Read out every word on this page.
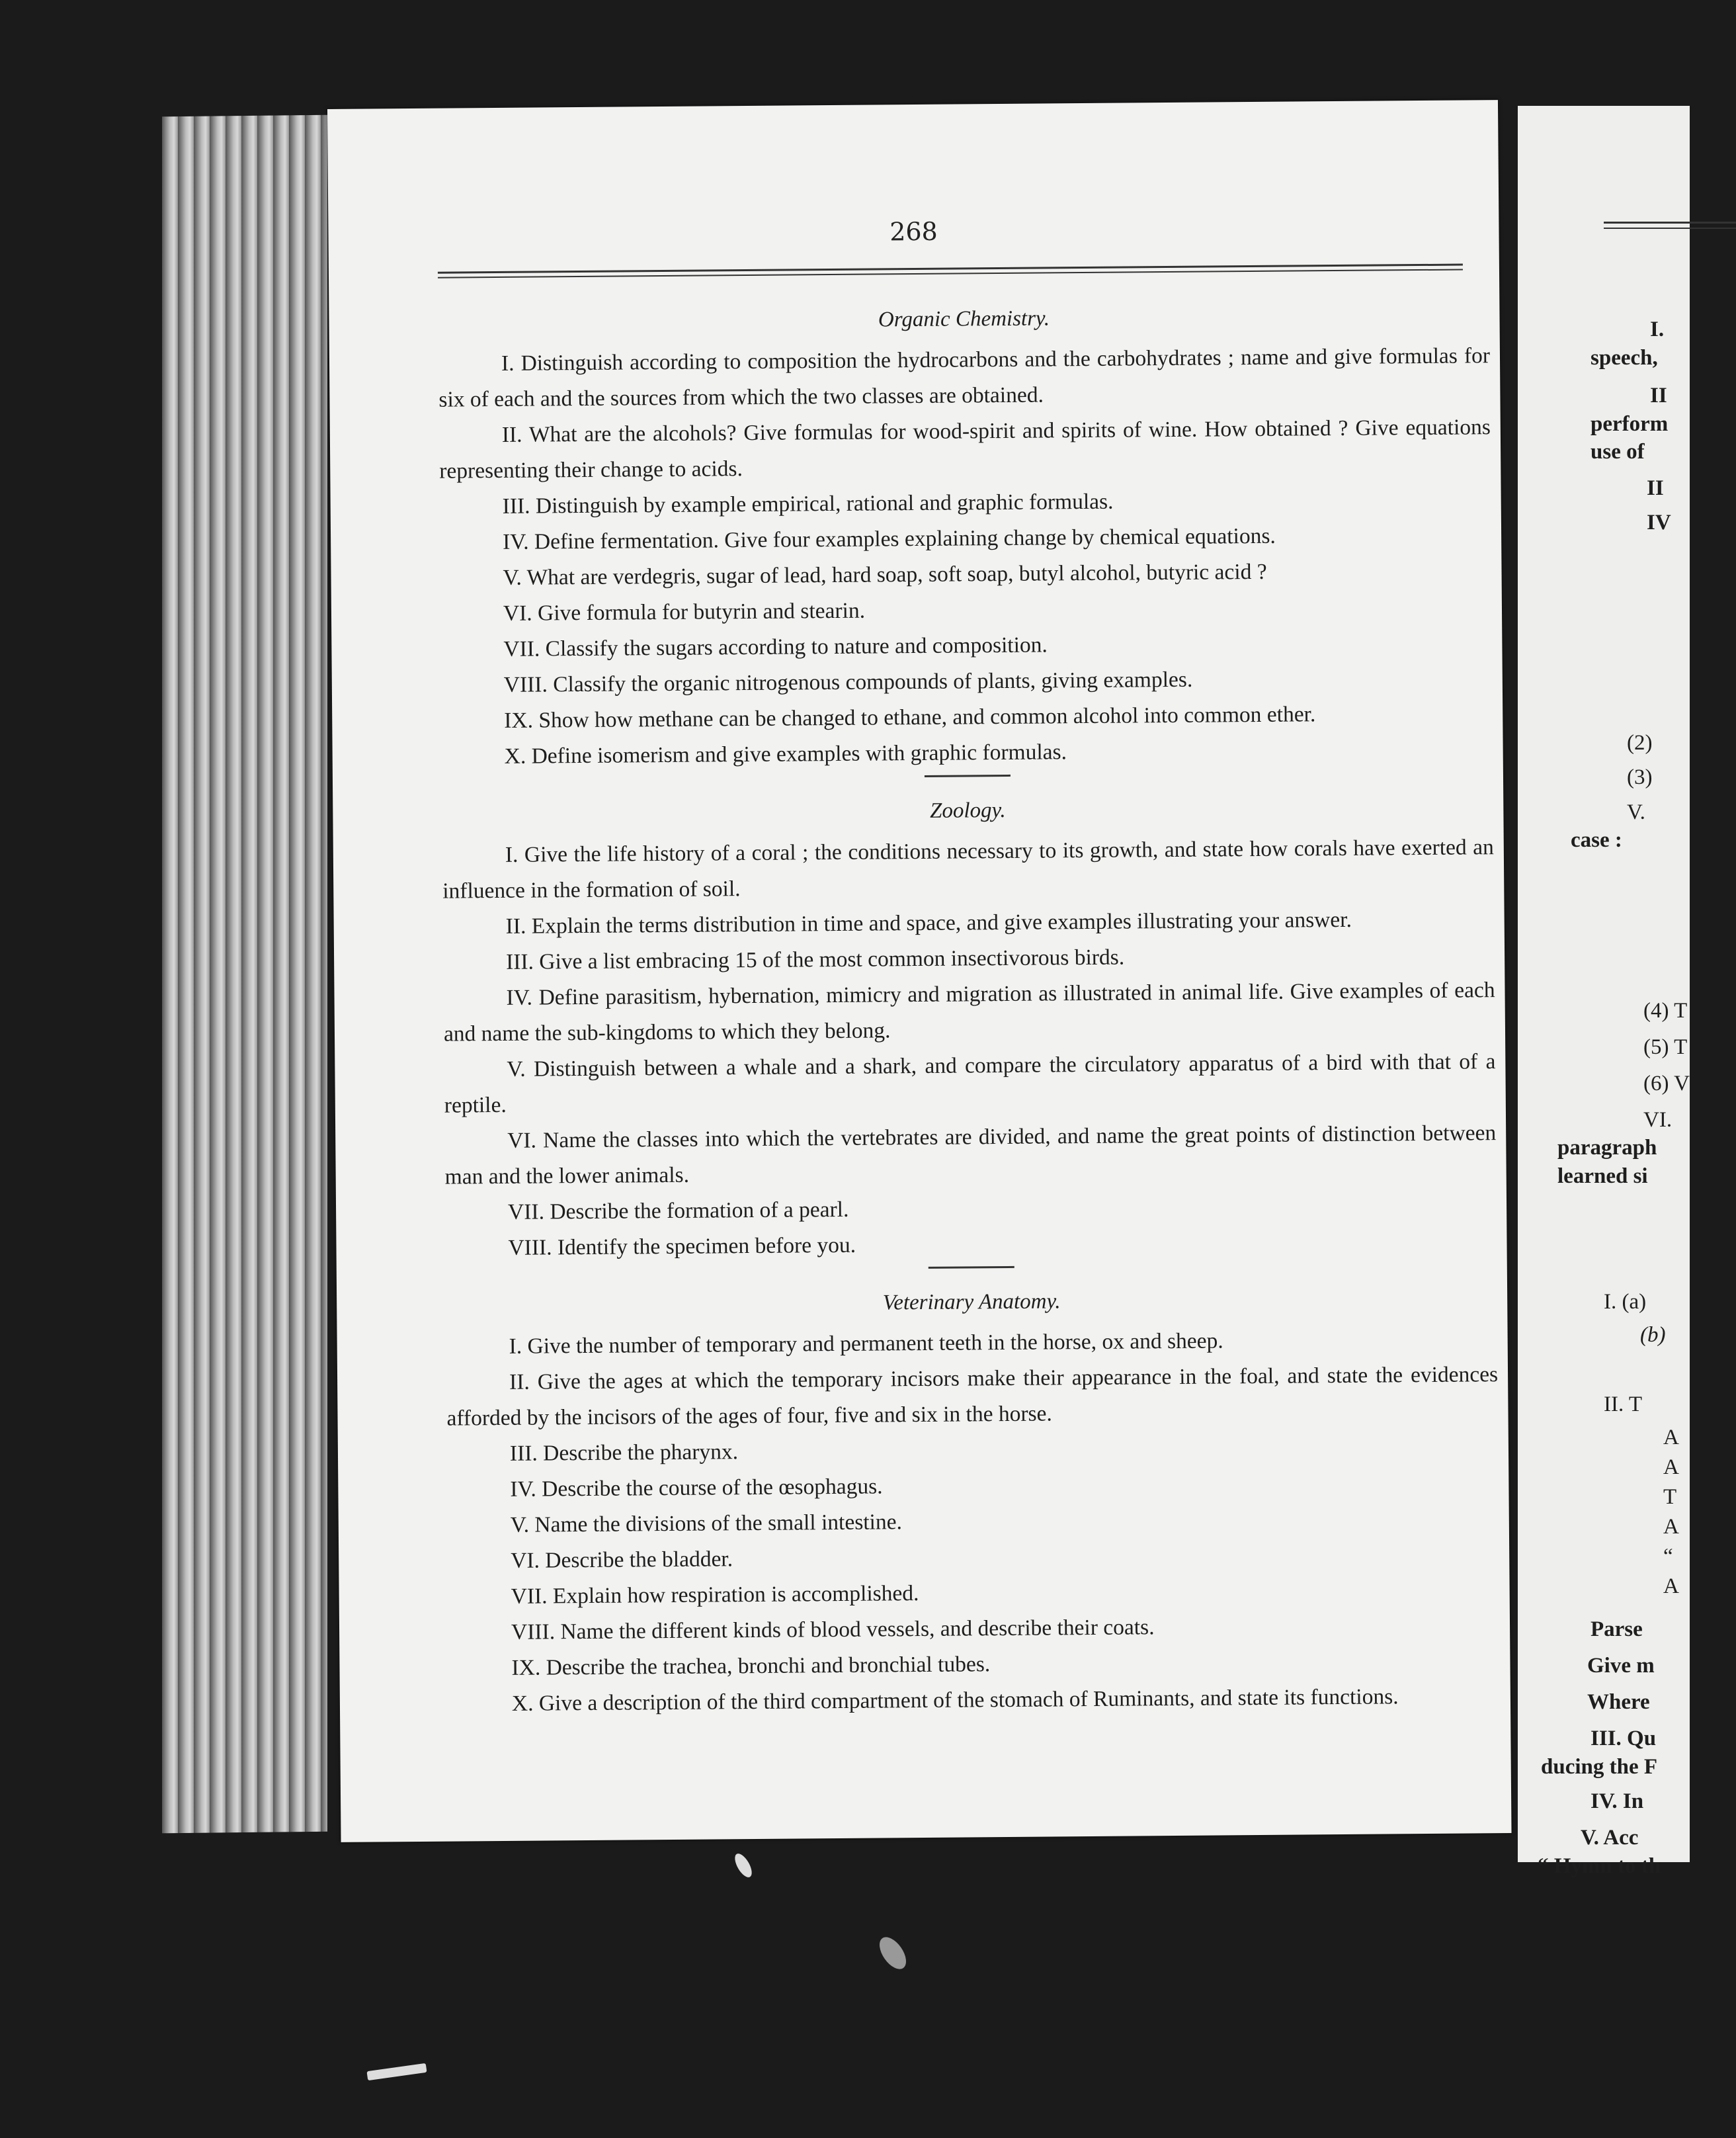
268

Organic Chemistry.

I. Distinguish according to composition the hydrocarbons and the carbohydrates ; name and give formulas for six of each and the sources from which the two classes are obtained.

II. What are the alcohols? Give formulas for wood-spirit and spirits of wine. How obtained ? Give equations representing their change to acids.

III. Distinguish by example empirical, rational and graphic formulas.

IV. Define fermentation. Give four examples explaining change by chemical equations.

V. What are verdegris, sugar of lead, hard soap, soft soap, butyl alcohol, butyric acid ?

VI. Give formula for butyrin and stearin.

VII. Classify the sugars according to nature and composition.

VIII. Classify the organic nitrogenous compounds of plants, giving examples.

IX. Show how methane can be changed to ethane, and common alcohol into common ether.

X. Define isomerism and give examples with graphic formulas.

Zoology.

I. Give the life history of a coral ; the conditions necessary to its growth, and state how corals have exerted an influence in the formation of soil.

II. Explain the terms distribution in time and space, and give examples illustrating your answer.

III. Give a list embracing 15 of the most common insectivorous birds.

IV. Define parasitism, hybernation, mimicry and migration as illustrated in animal life. Give examples of each and name the sub-kingdoms to which they belong.

V. Distinguish between a whale and a shark, and compare the circulatory apparatus of a bird with that of a reptile.

VI. Name the classes into which the vertebrates are divided, and name the great points of distinction between man and the lower animals.

VII. Describe the formation of a pearl.

VIII. Identify the specimen before you.

Veterinary Anatomy.

I. Give the number of temporary and permanent teeth in the horse, ox and sheep.

II. Give the ages at which the temporary incisors make their appearance in the foal, and state the evidences afforded by the incisors of the ages of four, five and six in the horse.

III. Describe the pharynx.

IV. Describe the course of the œsophagus.

V. Name the divisions of the small intestine.

VI. Describe the bladder.

VII. Explain how respiration is accomplished.

VIII. Name the different kinds of blood vessels, and describe their coats.

IX. Describe the trachea, bronchi and bronchial tubes.

X. Give a description of the third compartment of the stomach of Ruminants, and state its functions.

I.
speech,
II
perform
use of
II
IV
(2)
(3)
V.
case :
(4) T
(5) T
(6) V
VI.
paragraph
learned si
I. (a)
(b)
II. T
A
A
T
A
“
A
Parse
Give m
Where
III. Qu
ducing the F
IV. In
V. Acc
“ Hymn to th
